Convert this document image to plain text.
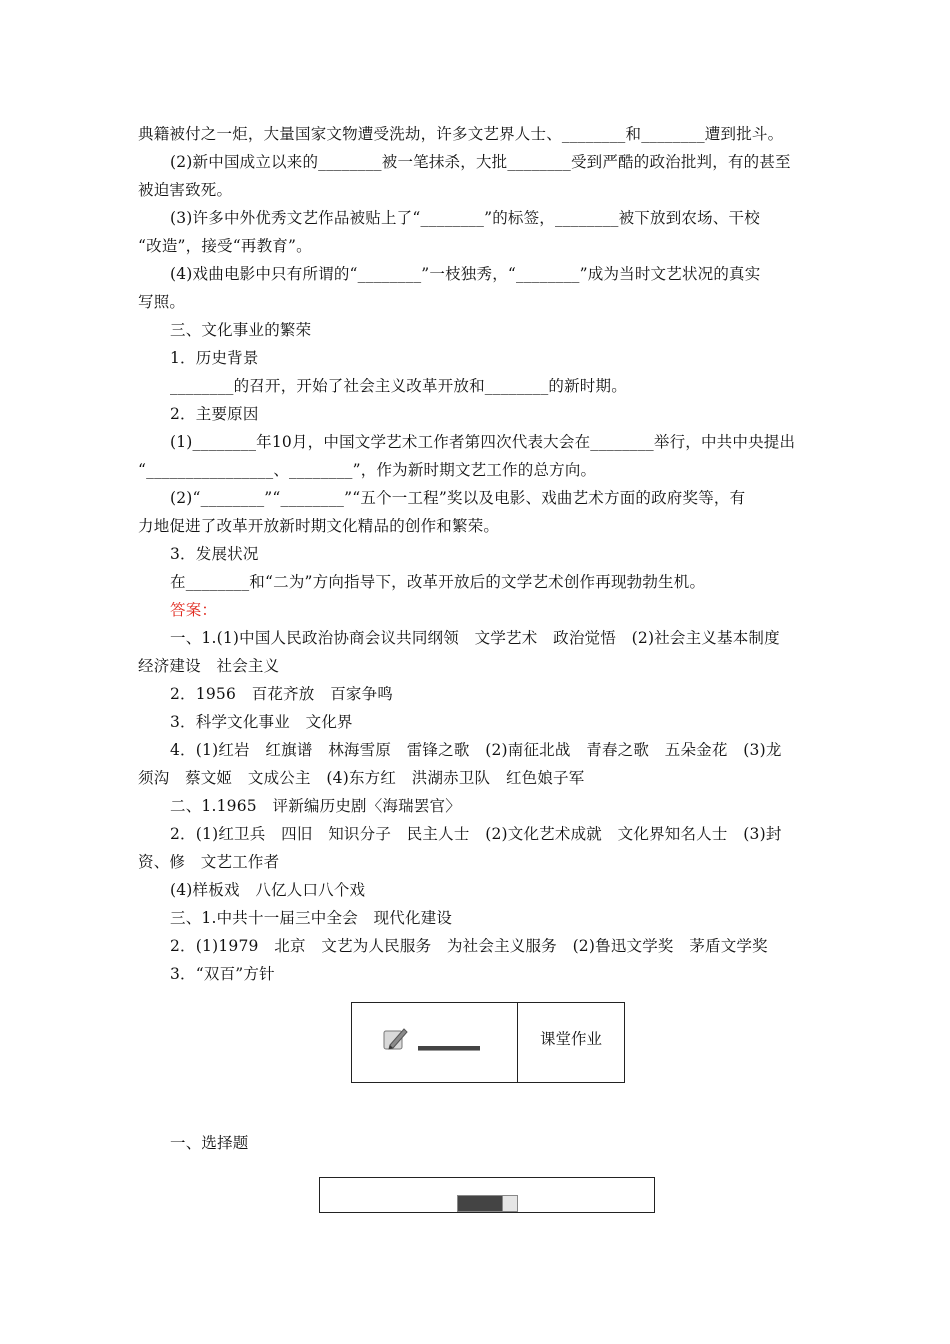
典籍被付之一炬，大量国家文物遭受洗劫，许多文艺界人士、________和________遭到批斗。
(2)新中国成立以来的________被一笔抹杀，大批________受到严酷的政治批判，有的甚至
被迫害致死。
(3)许多中外优秀文艺作品被贴上了“________”的标签，________被下放到农场、干校
“改造”，接受“再教育”。
(4)戏曲电影中只有所谓的“________”一枝独秀，“________”成为当时文艺状况的真实
写照。
三、文化事业的繁荣
1．历史背景
________的召开，开始了社会主义改革开放和________的新时期。
2．主要原因
(1)________年10月，中国文学艺术工作者第四次代表大会在________举行，中共中央提出
“________________、________”，作为新时期文艺工作的总方向。
(2)“________”“________”“五个一工程”奖以及电影、戏曲艺术方面的政府奖等，有
力地促进了改革开放新时期文化精品的创作和繁荣。
3．发展状况
在________和“二为”方向指导下，改革开放后的文学艺术创作再现勃勃生机。
答案：
一、1.(1)中国人民政治协商会议共同纲领　文学艺术　政治觉悟　(2)社会主义基本制度
经济建设　社会主义
2．1956　百花齐放　百家争鸣
3．科学文化事业　文化界
4．(1)红岩　红旗谱　林海雪原　雷锋之歌　(2)南征北战　青春之歌　五朵金花　(3)龙
须沟　蔡文姬　文成公主　(4)东方红　洪湖赤卫队　红色娘子军
二、1.1965　评新编历史剧〈海瑞罢官〉
2．(1)红卫兵　四旧　知识分子　民主人士　(2)文化艺术成就　文化界知名人士　(3)封
资、修　文艺工作者
(4)样板戏　八亿人口八个戏
三、1.中共十一届三中全会　现代化建设
2．(1)1979　北京　文艺为人民服务　为社会主义服务　(2)鲁迅文学奖　茅盾文学奖
3．“双百”方针
课堂作业
一、选择题
